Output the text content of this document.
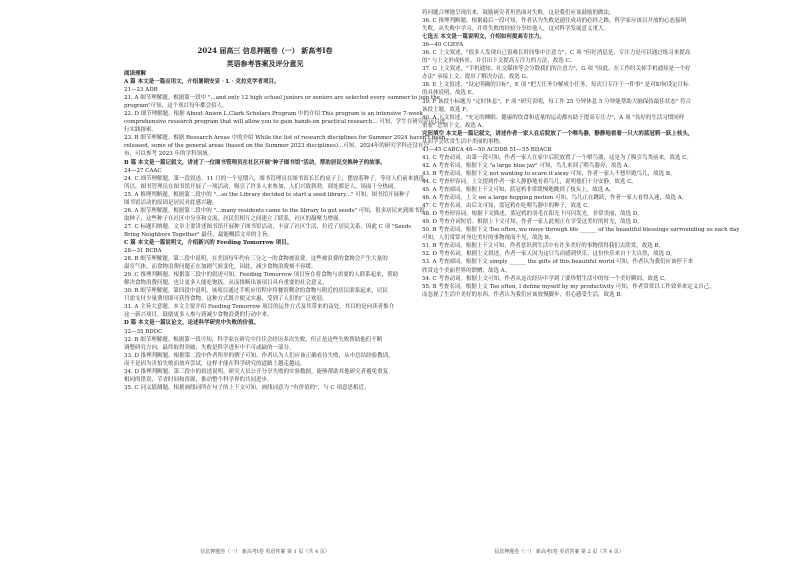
2024 届高三 信息押题卷（一） 新高考Ⅰ卷
英语参考答案及评分意见
阅读理解
A 篇 本文是一篇应用文，介绍暑期安妥 · L · 克拉克学者项目。
21—23 ADB
21. A 细节理解题。根据第一段中 "...and only 12 high school juniors or seniors are selected every summer to join the
program"可知，这个项目每年都会招人。
22. D 细节理解题。根据 About Anson L.Clark Scholars Program 中的介绍 This program is an intensive 7-week
comprehensive research program that will allow you to gain hands-on practical research... 可知，学生在研究中可以进
行实践探索。
23. B 细节理解题。根据 Research Areas 中的介绍 While the list of research disciplines for Summer 2024 haven't been
released, some of the general areas (based on the Summer 2023 disciplines)...可知，2024年的研究学科还没有公
布，可以参考 2023 年的学科领域。
B 篇 本文是一篇记叙文，讲述了一位图书管理员在社区开展"种子图书馆"活动，帮助居民交换种子的故事。
24—27 CAAC
24. C 细节理解题。第一段叙述，11 月的一个星期六，图书管理员在图书馆长长的桌子上，摆放着种子，等待人们前来挑选。
所以，图书管理员在图书馆开展了一项活动，吸引了许多人来参加，人们兴致勃勃，到处都是人，场面十分热闹。
25. A 推理判断题。根据第二段中的 "...so the Library decided to start a seed library..." 可知，图书馆开展种子
图书馆活动的原因是居民对此感兴趣。
26. A 细节理解题。根据第二段中的 "...many residents came to the library to get seeds" 可知，很多居民来到图书馆
取种子，这些种子在社区中分享和交流，居民们相互之间建立了联系，社区的凝聚力增强。
27. C 标题归纳题。文章主要讲述图书馆开展种子图书馆活动，丰富了社区生活，拉近了居民关系，因此 C 项 "Seeds
Bring Neighbors Together" 最佳，最能概括文章的主旨。
C 篇 本文是一篇说明文，介绍新兴的 Feeding Tomorrow 项目。
28—31 BCBA
28. B 细节理解题。第二段中说明，在美国每年约有三分之一的食物被浪费，这些被浪费的食物会产生大量的
温室气体，而食物浪费问题正在加剧气候变化，因此，减少食物浪费刻不容缓。
29. C 推理判断题。根据第三段中的叙述可知，Feeding Tomorrow 项目旨在将食物与需要的人联系起来，帮助
解决食物浪费问题，也让更多人能吃饱饭，从而推断出该项目具有重要的社会意义。
30. B 细节理解题。第四段中说明，该项目通过手机应用程序将餐馆剩余的食物与附近的居民联系起来，居民
只需支付少量费用即可获得食物，这种方式既方便又实惠，受到了人们的广泛欢迎。
31. A 主旨大意题。本文主要介绍 Feeding Tomorrow 项目的运作方式及其带来的益处，其目的是向读者推介
这一新兴项目，鼓励更多人参与到减少食物浪费的行动中来。
D 篇 本文是一篇议论文，论述科学研究中失败的价值。
32—35 BDDC
32. B 细节理解题。根据第一段可知，科学家在研究中往往会经历多次失败，但正是这些失败帮助他们不断
调整研究方向，最终取得突破，失败是科学进步中不可或缺的一部分。
33. D 推理判断题。根据第二段中作者所举的例子可知，作者认为人们应该正确看待失败，从中总结经验教训，
而不是因为害怕失败而放弃尝试，这样才能在科学研究的道路上越走越远。
34. D 推理判断题。第三段中的叙述说明，研究人员公开分享失败的实验数据，能够帮助其他研究者避免重复
相同的错误，节省时间和资源，推动整个科学界的共同进步。
35. C 词义猜测题。根据画线词所在句子的上下文可知，画线词意为 "有价值的"，与 C 项意思相近。
信息押题卷（一） 新高考Ⅰ卷 英语答案 第 1 页（共 4 页）
将问题合理地呈现出来，鼓励研究者坦然面对失败，这是我们应该鼓励的做法。
36. C 推理判断题。根据最后一段可知，作者认为失败是通往成功的必经之路，科学家应该以开放的心态接纳
失败，从失败中学习，并将失败的经验分享给他人，这对科学发展意义重大。
七选五 本文是一篇说明文，介绍如何提高专注力。
36—40 CGEFA
36. C 上文叙述，"很多人发现自己很难长时间集中注意力"，C 项 "但好消息是，专注力是可以通过练习来提高
的" 与上文形成转折，并引出下文提高专注力的方法，故选 C。
37. G 上文叙述，"手机通知、社交媒体等会分散我们的注意力"，G 项 "因此，在工作时关掉手机通知是一个好
办法" 承接上文，提出了解决办法，故选 G。
38. E 上文叙述，"设定明确的目标"，E 项 "把大任务分解成小任务，每次只专注于一件事" 是对如何设定目标
的具体说明，故选 E。
39. F 该段小标题为 "定时休息"，F 项 "研究表明，每工作 25 分钟休息 5 分钟能帮助大脑保持最佳状态" 符合
该段主题，故选 F。
40. A 下文叙述，"充足的睡眠、健康的饮食和适量的运动都有助于提高专注力"，A 项 "良好的生活习惯同样
重要" 总领下文，故选 A。
完形填空 本文是一篇记叙文，讲述作者一家人在后院放了一个喂鸟器，静静地看着一只大的蓝冠鸦一跃上枝头，
从而学会欣赏生活中美丽的事物。
41—45 CABCA 46—50 ACDDB 51—55 BDACB
41. C 考查动词。由第一段可知，作者一家人在家中后院放置了一个喂鸟器，这是为了吸引鸟类前来，故选 C。
42. A 考查名词。根据下文 "a large blue jay" 可知，鸟儿来到了喂鸟器旁，故选 A。
43. B 考查动词。根据下文 not wanting to scare it away 可知，作者一家人不想吓跑鸟儿，故选 B。
44. C 考查形容词。上文提到作者一家人静静地看着鸟儿，说明他们十分安静，故选 C。
45. A 考查副词。根据上下文可知，蓝冠鸦非常缓慢地跳到了枝头上，故选 A。
46. A 考查动词。上文 we a large hopping motion 可知，鸟儿正在跳跃，作者一家人看得入迷，故选 A。
47. C 考查名词。由后文可知，蓝冠鸦在吃喂鸟器中的种子，故选 C。
48. D 考查形容词。根据下文描述，蓝冠鸦的羽毛在阳光下闪闪发光，非常美丽，故选 D。
49. D 考查介词短语。根据上下文可知，作者一家人此刻正在享受这美好的时光，故选 D。
50. B 考查动词。根据下文 Too often, we move through life ______ of the beautiful blessings surrounding us each day
可知，人们常常对身边美好的事物视而不见，故选 B。
51. B 考查动词。根据上下文可知，作者意识到生活中有许多美好的事物值得我们去欣赏，故选 B。
52. D 考查名词。根据上文叙述，作者一家人因为这只鸟而感到快乐，这份快乐来自于大自然，故选 D。
53. A 考查副词。根据下文 simply ______ the gifts of this beautiful world 可知，作者认为我们应该停下来
欣赏这个美丽世界的馈赠，故选 A。
54. C 考查动词。根据上文可知，作者从这次经历中学到了要珍惜生活中的每一个美好瞬间，故选 C。
55. B 考查名词。根据上文 Too often, I define myself by my productivity 可知，作者常常以工作效率来定义自己，
而忽视了生活中美好的东西，作者认为我们应该放慢脚步，用心感受生活，故选 B。
信息押题卷（一） 新高考Ⅰ卷 英语答案 第 2 页（共 4 页）
